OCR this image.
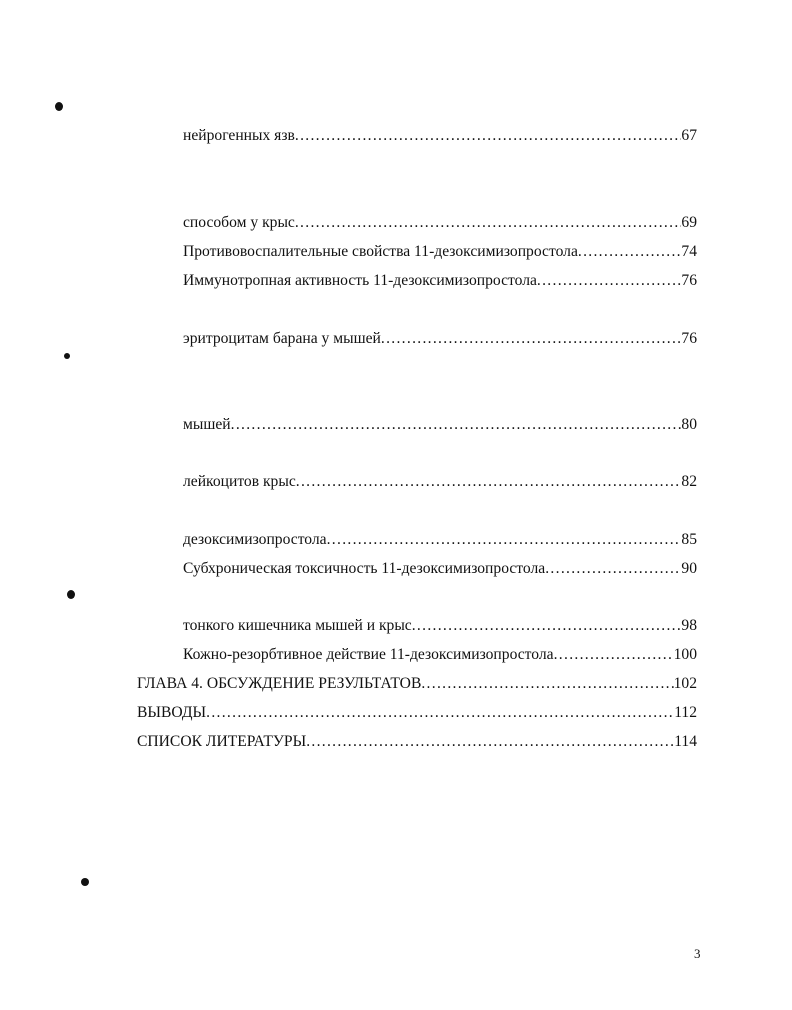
нейрогенных язв .....	67
способом у крыс .....	69
Противовоспалительные свойства 11-дезоксимизопростола .....	74
Иммунотропная активность 11-дезоксимизопростола .....	76
эритроцитам барана у мышей .....	76
мышей .....	80
лейкоцитов крыс .....	82
дезоксимизопростола .....	85
Субхроническая токсичность 11-дезоксимизопростола .....	90
тонкого кишечника мышей и крыс .....	98
Кожно-резорбтивное действие 11-дезоксимизопростола .....	100
ГЛАВА 4. ОБСУЖДЕНИЕ РЕЗУЛЬТАТОВ .....	102
ВЫВОДЫ .....	112
СПИСОК ЛИТЕРАТУРЫ .....	114
3
